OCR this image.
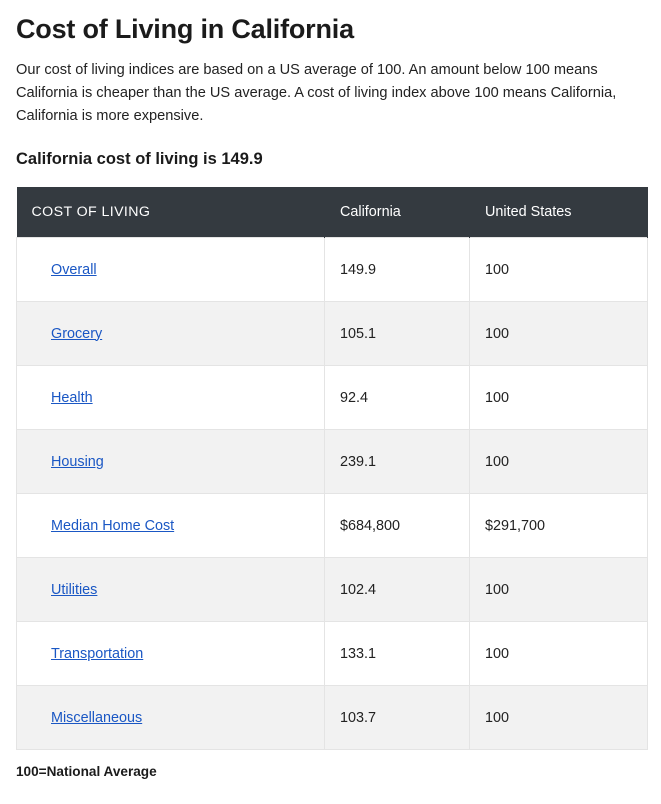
Cost of Living in California

Our cost of living indices are based on a US average of 100. An amount below 100 means California is cheaper than the US average. A cost of living index above 100 means California, California is more expensive.

California cost of living is 149.9
COST OF LIVING	California	United States
Overall	149.9	100
Grocery	105.1	100
Health	92.4	100
Housing	239.1	100
Median Home Cost	$684,800	$291,700
Utilities	102.4	100
Transportation	133.1	100
Miscellaneous	103.7	100

100=National Average
